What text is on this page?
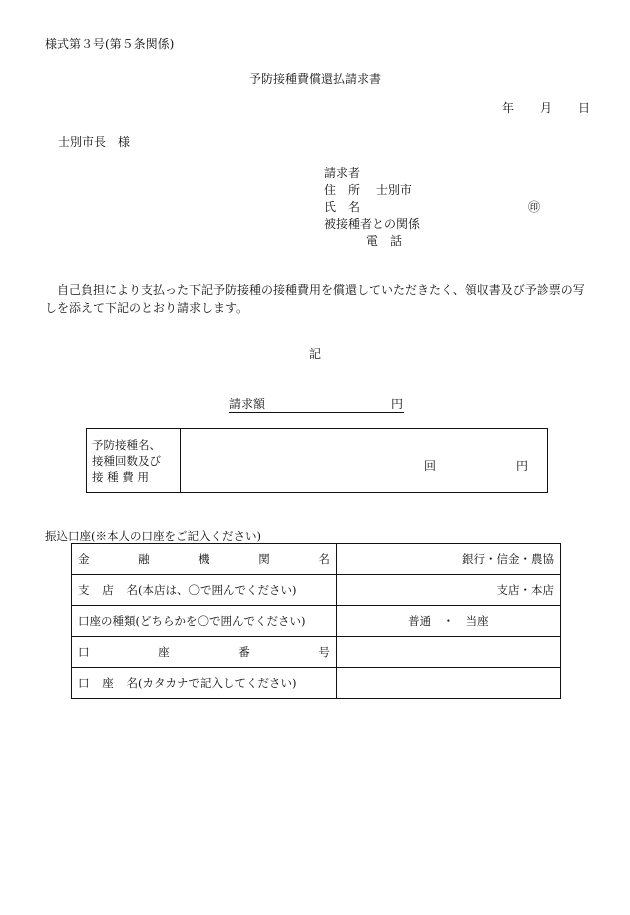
様式第３号(第５条関係)
予防接種費償還払請求書
年 月 日
士別市長　様
請求者
住　所 士別市
氏　名	㊞
被接種者との関係
電　話
自己負担により支払った下記予防接種の接種費用を償還していただきたく、領収書及び予診票の写しを添えて下記のとおり請求します。
記
請求額	円
予防接種名、
接種回数及び
接 種 費 用
回	円
振込口座(※本人の口座をご記入ください)
金 融 機 関 名	銀行・信金・農協

支 店 名 (本店は、〇で囲んでください)	支店・本店

口座の種類 (どちらかを〇で囲んでください)	普通　・　当座

口 座 番 号	

口 座 名 (カタカナで記入してください)	
